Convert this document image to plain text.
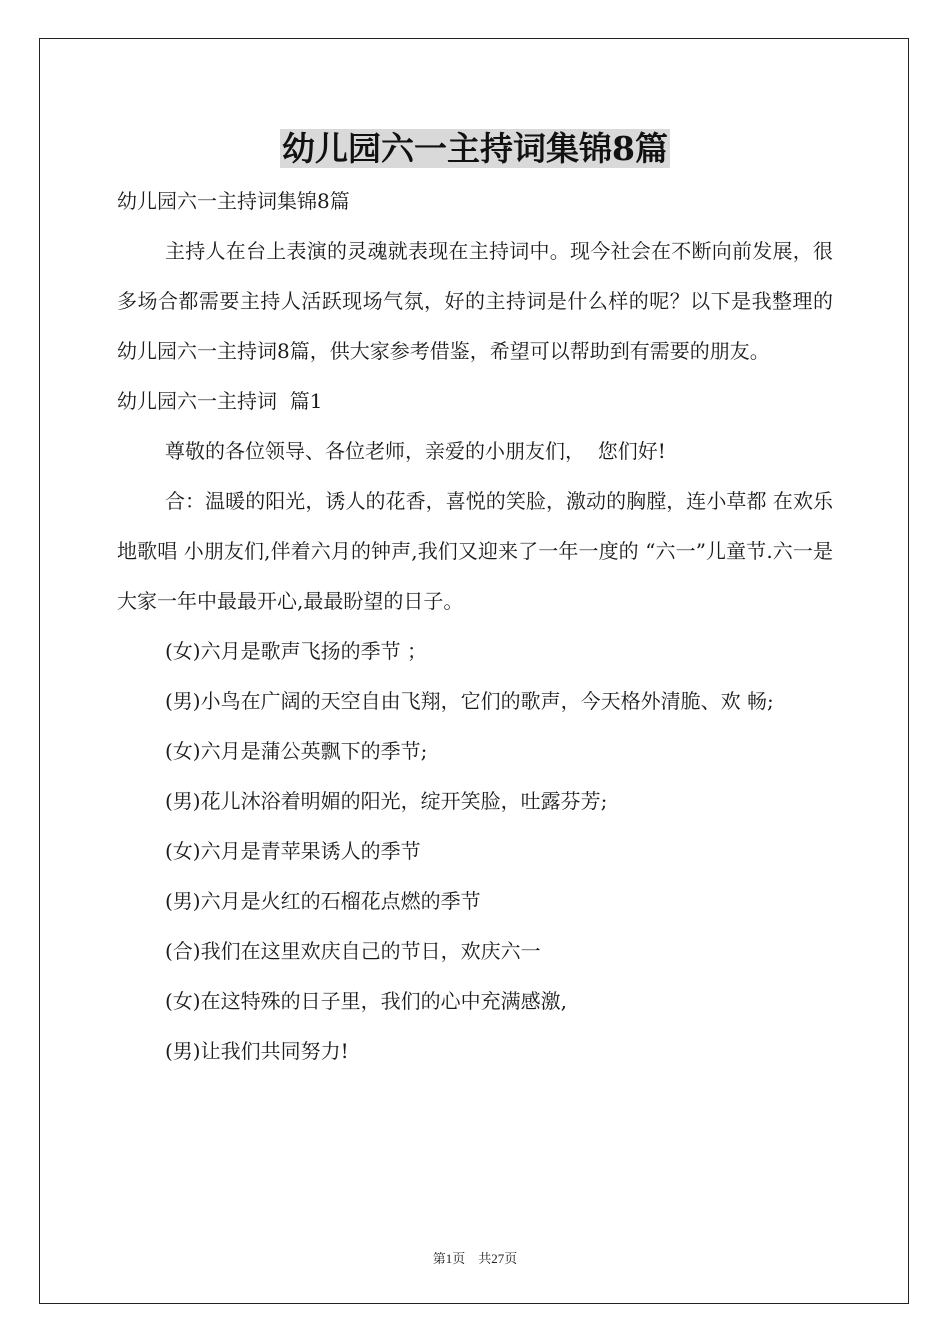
幼儿园六一主持词集锦8篇

幼儿园六一主持词集锦8篇

主持人在台上表演的灵魂就表现在主持词中。现今社会在不断向前发展，很多场合都需要主持人活跃现场气氛，好的主持词是什么样的呢？以下是我整理的幼儿园六一主持词8篇，供大家参考借鉴，希望可以帮助到有需要的朋友。

幼儿园六一主持词  篇1

尊敬的各位领导、各位老师，亲爱的小朋友们，  您们好!

合：温暖的阳光，诱人的花香，喜悦的笑脸，激动的胸膛，连小草都 在欢乐地歌唱 小朋友们,伴着六月的钟声,我们又迎来了一年一度的 “六一”儿童节.六一是大家一年中最最开心,最最盼望的日子。

(女)六月是歌声飞扬的季节 ；

(男)小鸟在广阔的天空自由飞翔，它们的歌声，今天格外清脆、欢 畅;

(女)六月是蒲公英飘下的季节;

(男)花儿沐浴着明媚的阳光，绽开笑脸，吐露芬芳;

(女)六月是青苹果诱人的季节

(男)六月是火红的石榴花点燃的季节

(合)我们在这里欢庆自己的节日，欢庆六一

(女)在这特殊的日子里，我们的心中充满感激,

(男)让我们共同努力!

第1页 共27页
